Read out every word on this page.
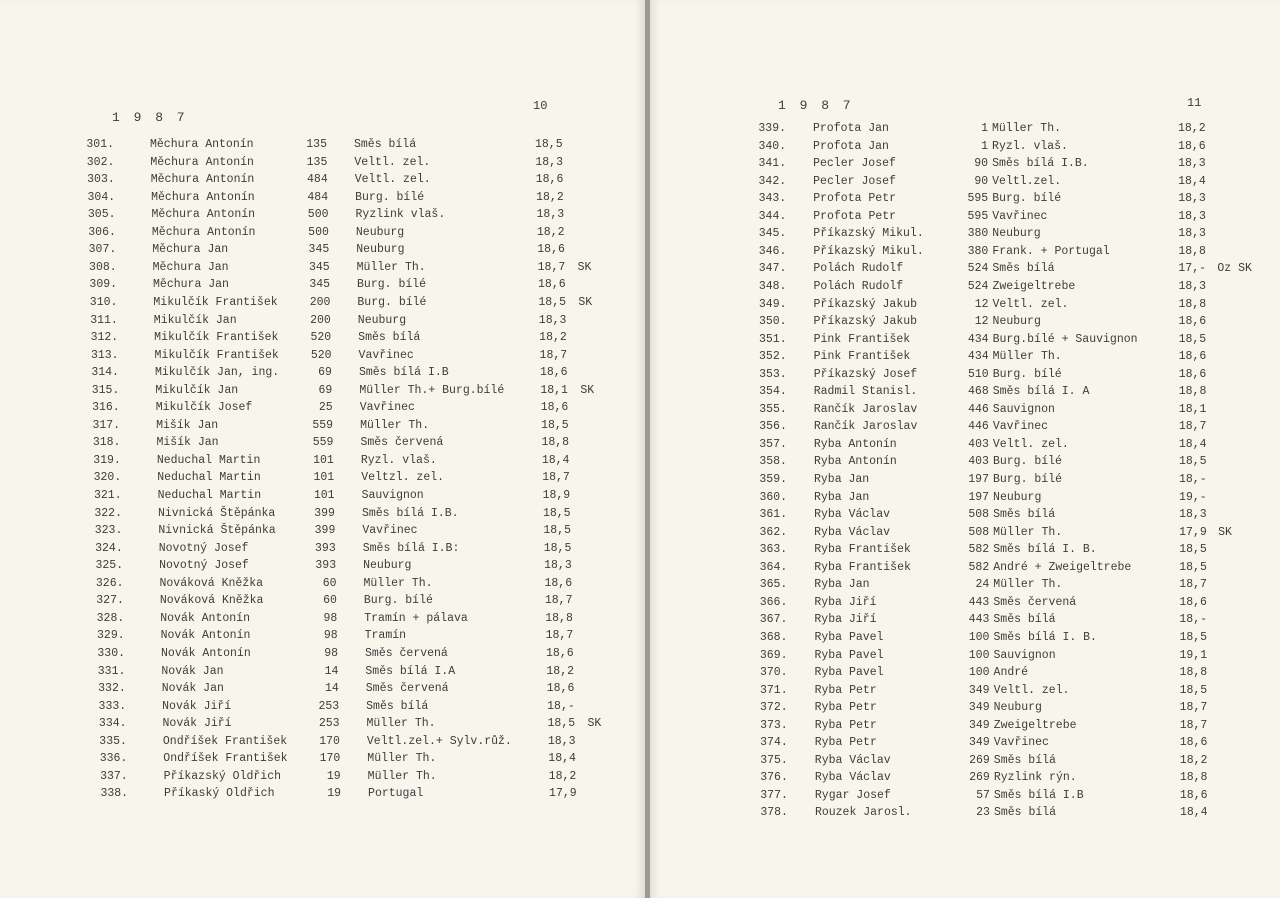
1 9 8 7
10
301.	Měchura Antonín	135 Směs bílá	18,5
302.	Měchura Antonín	135 Veltl. zel.	18,3
303.	Měchura Antonín	484 Veltl. zel.	18,6
304.	Měchura Antonín	484 Burg. bílé	18,2
305.	Měchura Antonín	500 Ryzlink vlaš.	18,3
306.	Měchura Antonín	500 Neuburg	18,2
307.	Měchura Jan	345 Neuburg	18,6
308.	Měchura Jan	345 Müller Th.	18,7 SK
309.	Měchura Jan	345 Burg. bílé	18,6
310.	Mikulčík František	200 Burg. bílé	18,5 SK
311.	Mikulčík Jan	200 Neuburg	18,3
312.	Mikulčík František	520 Směs bílá	18,2
313.	Mikulčík František	520 Vavřinec	18,7
314.	Mikulčík Jan, ing.	69 Směs bílá I.B	18,6
315.	Mikulčík Jan	69 Müller Th.+ Burg.bílé	18,1 SK
316.	Mikulčík Josef	25 Vavřinec	18,6
317.	Mišík Jan	559 Müller Th.	18,5
318.	Mišík Jan	559 Směs červená	18,8
319.	Neduchal Martin	101 Ryzl. vlaš.	18,4
320.	Neduchal Martin	101 Veltzl. zel.	18,7
321.	Neduchal Martin	101 Sauvignon	18,9
322.	Nivnická Štěpánka	399 Směs bílá I.B.	18,5
323.	Nivnická Štěpánka	399 Vavřinec	18,5
324.	Novotný Josef	393 Směs bílá I.B:	18,5
325.	Novotný Josef	393 Neuburg	18,3
326.	Nováková Kněžka	60 Müller Th.	18,6
327.	Nováková Kněžka	60 Burg. bílé	18,7
328.	Novák Antonín	98 Tramín + pálava	18,8
329.	Novák Antonín	98 Tramín	18,7
330.	Novák Antonín	98 Směs červená	18,6
331.	Novák Jan	14 Směs bílá I.A	18,2
332.	Novák Jan	14 Směs červená	18,6
333.	Novák Jiří	253 Směs bílá	18,-
334.	Novák Jiří	253 Müller Th.	18,5 SK
335.	Ondříšek František	170 Veltl.zel.+ Sylv.růž.	18,3
336.	Ondříšek František	170 Müller Th.	18,4
337.	Příkazský Oldřich	19 Müller Th.	18,2
338.	Příkaský Oldřich	19 Portugal	17,9
1 9 8 7	11
339. Profota Jan	1 Müller Th.	18,2
340. Profota Jan	1 Ryzl. vlaš.	18,6
341. Pecler Josef	90 Směs bílá I.B.	18,3
342. Pecler Josef	90 Veltl.zel.	18,4
343. Profota Petr	595 Burg. bílé	18,3
344. Profota Petr	595 Vavřinec	18,3
345. Příkazský Mikul.	380 Neuburg	18,3
346. Příkazský Mikul.	380 Frank. + Portugal	18,8
347. Polách Rudolf	524 Směs bílá	17,- Oz SK
348. Polách Rudolf	524 Zweigeltrebe	18,3
349. Příkazský Jakub	12 Veltl. zel.	18,8
350. Příkazský Jakub	12 Neuburg	18,6
351. Pink František	434 Burg.bílé + Sauvignon	18,5
352. Pink František	434 Müller Th.	18,6
353. Příkazský Josef	510 Burg. bílé	18,6
354. Radmil Stanisl.	468 Směs bílá I. A	18,8
355. Rančík Jaroslav	446 Sauvignon	18,1
356. Rančík Jaroslav	446 Vavřinec	18,7
357. Ryba Antonín	403 Veltl. zel.	18,4
358. Ryba Antonín	403 Burg. bílé	18,5
359. Ryba Jan	197 Burg. bílé	18,-
360. Ryba Jan	197 Neuburg	19,-
361. Ryba Václav	508 Směs bílá	18,3
362. Ryba Václav	508 Müller Th.	17,9 SK
363. Ryba František	582 Směs bílá I. B.	18,5
364. Ryba František	582 André + Zweigeltrebe	18,5
365. Ryba Jan	24 Müller Th.	18,7
366. Ryba Jiří	443 Směs červená	18,6
367. Ryba Jiří	443 Směs bílá	18,-
368. Ryba Pavel	100 Směs bílá I. B.	18,5
369. Ryba Pavel	100 Sauvignon	19,1
370. Ryba Pavel	100 André	18,8
371. Ryba Petr	349 Veltl. zel.	18,5
372. Ryba Petr	349 Neuburg	18,7
373. Ryba Petr	349 Zweigeltrebe	18,7
374. Ryba Petr	349 Vavřinec	18,6
375. Ryba Václav	269 Směs bílá	18,2
376. Ryba Václav	269 Ryzlink rýn.	18,8
377. Rygar Josef	57 Směs bílá I.B	18,6
378. Rouzek Jarosl.	23 Směs bílá	18,4
